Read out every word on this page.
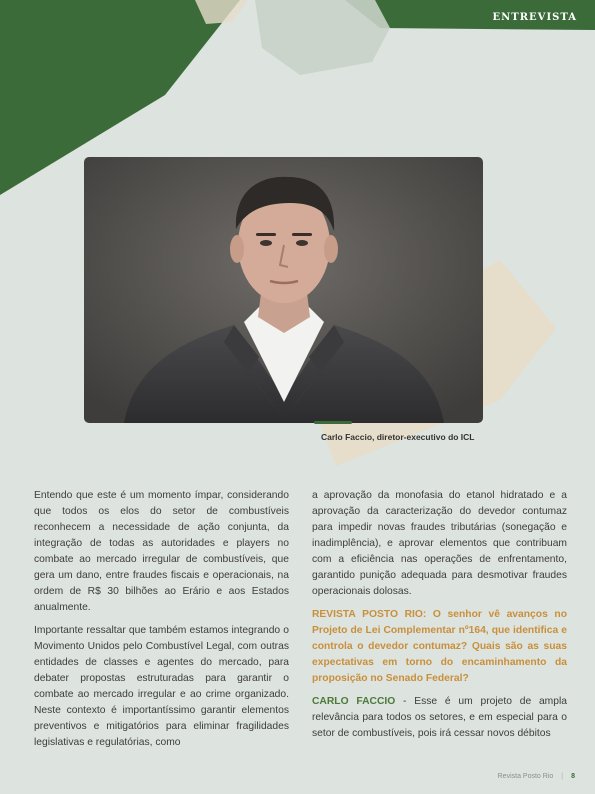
ENTREVISTA
Carlo Faccio, diretor-executivo do ICL

Entendo que este é um momento ímpar, considerando que todos os elos do setor de combustíveis reconhecem a necessidade de ação conjunta, da integração de todas as autoridades e players no combate ao mercado irregular de combustíveis, que gera um dano, entre fraudes fiscais e operacionais, na ordem de R$ 30 bilhões ao Erário e aos Estados anualmente.

Importante ressaltar que também estamos integrando o Movimento Unidos pelo Combustível Legal, com outras entidades de classes e agentes do mercado, para debater propostas estruturadas para garantir o combate ao mercado irregular e ao crime organizado. Neste contexto é importantíssimo garantir elementos preventivos e mitigatórios para eliminar fragilidades legislativas e regulatórias, como

a aprovação da monofasia do etanol hidratado e a aprovação da caracterização do devedor contumaz para impedir novas fraudes tributárias (sonegação e inadimplência), e aprovar elementos que contribuam com a eficiência nas operações de enfrentamento, garantido punição adequada para desmotivar fraudes operacionais dolosas.

REVISTA POSTO RIO: O senhor vê avanços no Projeto de Lei Complementar nº164, que identifica e controla o devedor contumaz? Quais são as suas expectativas em torno do encaminhamento da proposição no Senado Federal?

CARLO FACCIO - Esse é um projeto de ampla relevância para todos os setores, e em especial para o setor de combustíveis, pois irá cessar novos débitos

Revista Posto Rio | 8
